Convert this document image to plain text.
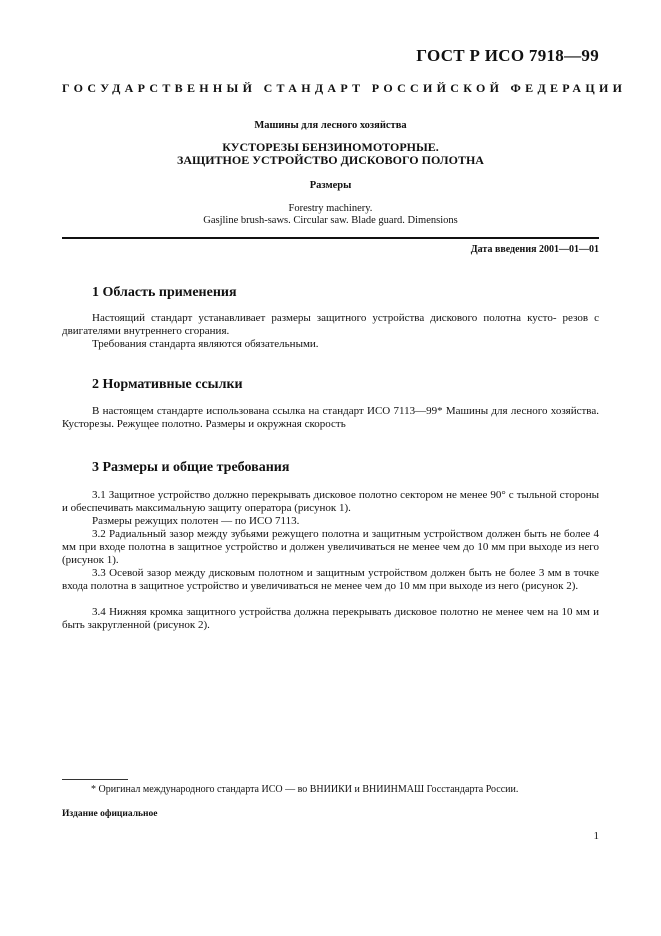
ГОСТ Р ИСО 7918—99
ГОСУДАРСТВЕННЫЙ СТАНДАРТ РОССИЙСКОЙ ФЕДЕРАЦИИ
Машины для лесного хозяйства
КУСТОРЕЗЫ БЕНЗИНОМОТОРНЫЕ.
ЗАЩИТНОЕ УСТРОЙСТВО ДИСКОВОГО ПОЛОТНА
Размеры
Forestry machinery.
Gasjline brush-saws. Circular saw. Blade guard. Dimensions
Дата введения 2001—01—01
1 Область применения

Настоящий стандарт устанавливает размеры защитного устройства дискового полотна кусто- резов с двигателями внутреннего сгорания.

Требования стандарта являются обязательными.

2 Нормативные ссылки

В настоящем стандарте использована ссылка на стандарт ИСО 7113—99* Машины для лесного хозяйства. Кусторезы. Режущее полотно. Размеры и окружная скорость

3 Размеры и общие требования

3.1 Защитное устройство должно перекрывать дисковое полотно сектором не менее 90° с тыльной стороны и обеспечивать максимальную защиту оператора (рисунок 1).

Размеры режущих полотен — по ИСО 7113.

3.2 Радиальный зазор между зубьями режущего полотна и защитным устройством должен быть не более 4 мм при входе полотна в защитное устройство и должен увеличиваться не менее чем до 10 мм при выходе из него (рисунок 1).

3.3 Осевой зазор между дисковым полотном и защитным устройством должен быть не более 3 мм в точке входа полотна в защитное устройство и увеличиваться не менее чем до 10 мм при выходе из него (рисунок 2).

3.4 Нижняя кромка защитного устройства должна перекрывать дисковое полотно не менее чем на 10 мм и быть закругленной (рисунок 2).

* Оригинал международного стандарта ИСО — во ВНИИКИ и ВНИИНМАШ Госстандарта России.
Издание официальное
1
